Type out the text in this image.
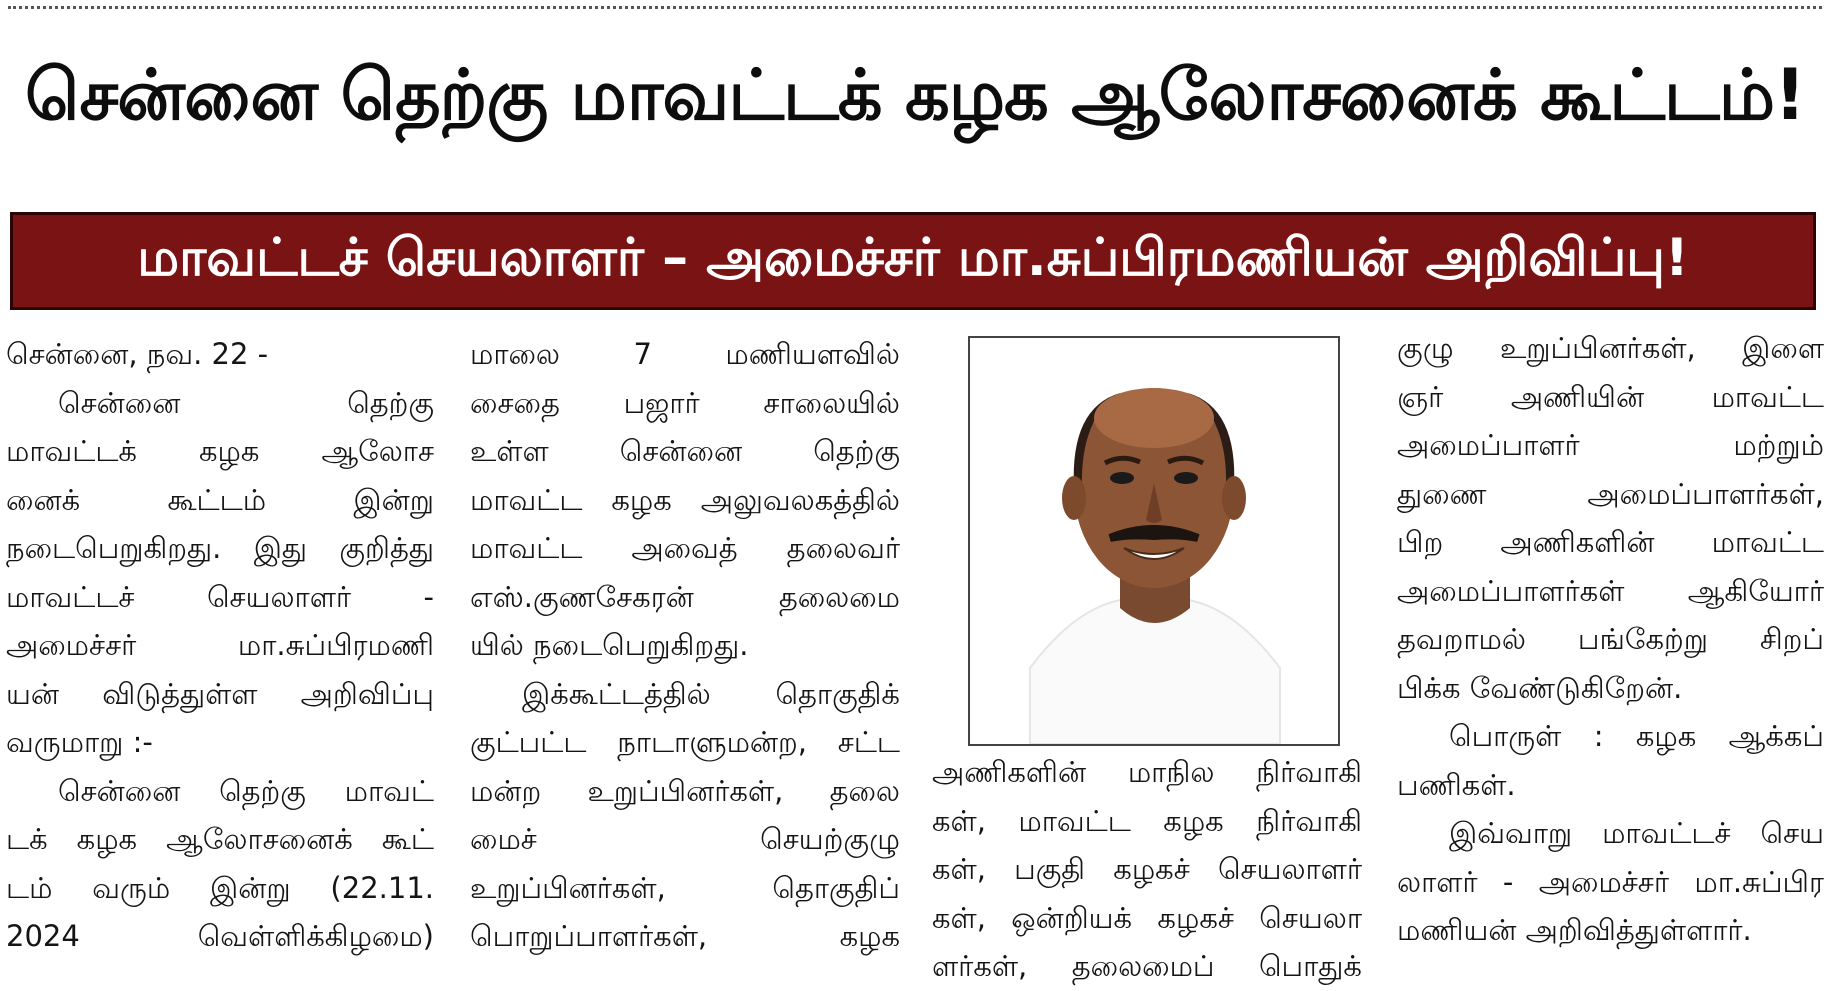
சென்னை தெற்கு மாவட்டக் கழக ஆலோசனைக் கூட்டம்!
மாவட்டச் செயலாளர் – அமைச்சர் மா.சுப்பிரமணியன் அறிவிப்பு!
சென்னை, நவ. 22 -
சென்னை தெற்கு
மாவட்டக் கழக ஆலோச
னைக் கூட்டம் இன்று
நடைபெறுகிறது. இது குறித்து
மாவட்டச் செயலாளர் -
அமைச்சர் மா.சுப்பிரமணி
யன் விடுத்துள்ள அறிவிப்பு
வருமாறு :-
சென்னை தெற்கு மாவட்
டக் கழக ஆலோசனைக் கூட்
டம் வரும் இன்று (22.11.
2024 வெள்ளிக்கிழமை)
மாலை 7 மணியளவில்
சைதை பஜார் சாலையில்
உள்ள சென்னை தெற்கு
மாவட்ட கழக அலுவலகத்தில்
மாவட்ட அவைத் தலைவர்
எஸ்.குணசேகரன் தலைமை
யில் நடைபெறுகிறது.
இக்கூட்டத்தில் தொகுதிக்
குட்பட்ட நாடாளுமன்ற, சட்ட
மன்ற உறுப்பினர்கள், தலை
மைச் செயற்குழு
உறுப்பினர்கள், தொகுதிப்
பொறுப்பாளர்கள், கழக
அணிகளின் மாநில நிர்வாகி
கள், மாவட்ட கழக நிர்வாகி
கள், பகுதி கழகச் செயலாளர்
கள், ஒன்றியக் கழகச் செயலா
ளர்கள், தலைமைப் பொதுக்
குழு உறுப்பினர்கள், இளை
ஞர் அணியின் மாவட்ட
அமைப்பாளர் மற்றும்
துணை அமைப்பாளர்கள்,
பிற அணிகளின் மாவட்ட
அமைப்பாளர்கள் ஆகியோர்
தவறாமல் பங்கேற்று சிறப்
பிக்க வேண்டுகிறேன்.
பொருள் : கழக ஆக்கப்
பணிகள்.
இவ்வாறு மாவட்டச் செய
லாளர் - அமைச்சர் மா.சுப்பிர
மணியன் அறிவித்துள்ளார்.
